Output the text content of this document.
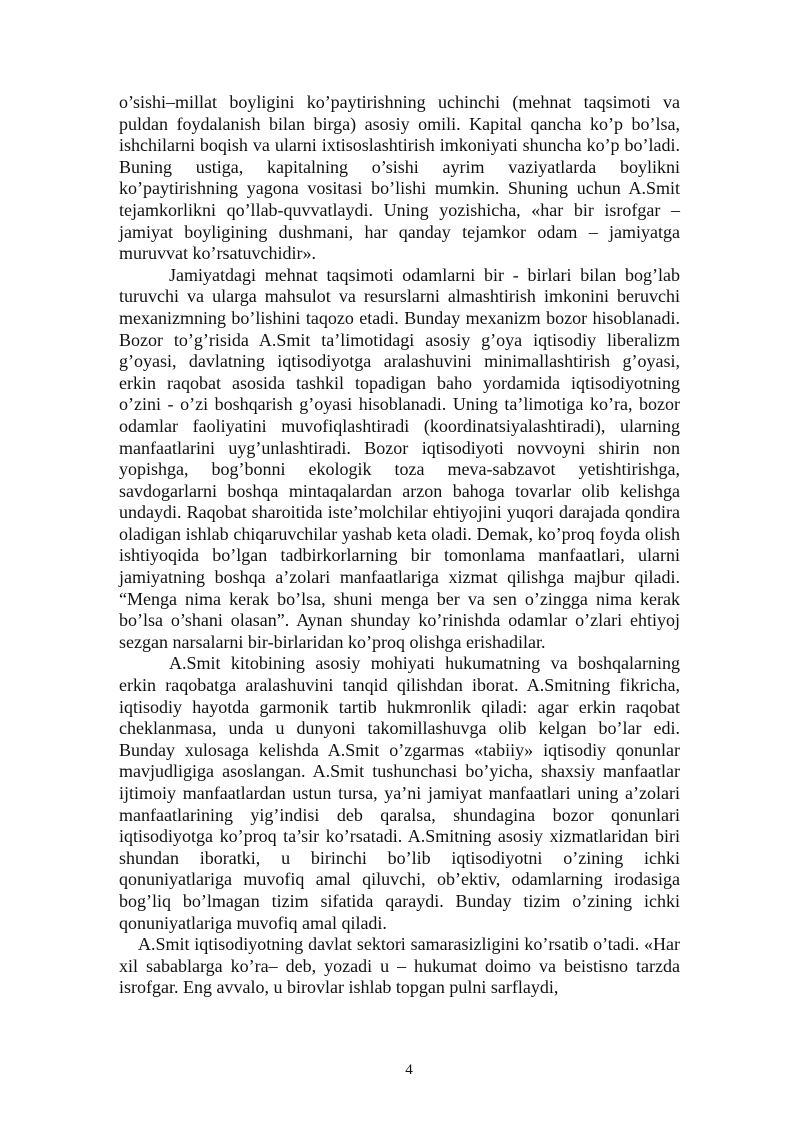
o’sishi–millat boyligini ko’paytirishning uchinchi (mehnat taqsimoti va puldan foydalanish bilan birga) asosiy omili. Kapital qancha ko’p bo’lsa, ishchilarni boqish va ularni ixtisoslashtirish imkoniyati shuncha ko’p bo’ladi. Buning ustiga, kapitalning o’sishi ayrim vaziyatlarda boylikni ko’paytirishning yagona vositasi bo’lishi mumkin. Shuning uchun A.Smit tejamkorlikni qo’llab-quvvatlaydi. Uning yozishicha, «har bir isrofgar – jamiyat boyligining dushmani, har qanday tejamkor odam – jamiyatga muruvvat ko’rsatuvchidir».

Jamiyatdagi mehnat taqsimoti odamlarni bir - birlari bilan bog’lab turuvchi va ularga mahsulot va resurslarni almashtirish imkonini beruvchi mexanizmning bo’lishini taqozo etadi. Bunday mexanizm bozor hisoblanadi. Bozor to’g’risida A.Smit ta’limotidagi asosiy g’oya iqtisodiy liberalizm g’oyasi, davlatning iqtisodiyotga aralashuvini minimallashtirish g’oyasi, erkin raqobat asosida tashkil topadigan baho yordamida iqtisodiyotning o’zini - o’zi boshqarish g’oyasi hisoblanadi. Uning ta’limotiga ko’ra, bozor odamlar faoliyatini muvofiqlashtiradi (koordinatsiyalashtiradi), ularning manfaatlarini uyg’unlashtiradi. Bozor iqtisodiyoti novvoyni shirin non yopishga, bog’bonni ekologik toza meva-sabzavot yetishtirishga, savdogarlarni boshqa mintaqalardan arzon bahoga tovarlar olib kelishga undaydi. Raqobat sharoitida iste’molchilar ehtiyojini yuqori darajada qondira oladigan ishlab chiqaruvchilar yashab keta oladi. Demak, ko’proq foyda olish ishtiyoqida bo’lgan tadbirkorlarning bir tomonlama manfaatlari, ularni jamiyatning boshqa a’zolari manfaatlariga xizmat qilishga majbur qiladi. “Menga nima kerak bo’lsa, shuni menga ber va sen o’zingga nima kerak bo’lsa o’shani olasan”. Aynan shunday ko’rinishda odamlar o’zlari ehtiyoj sezgan narsalarni bir-birlaridan ko’proq olishga erishadilar.

A.Smit kitobining asosiy mohiyati hukumatning va boshqalarning erkin raqobatga aralashuvini tanqid qilishdan iborat. A.Smitning fikricha, iqtisodiy hayotda garmonik tartib hukmronlik qiladi: agar erkin raqobat cheklanmasa, unda u dunyoni takomillashuvga olib kelgan bo’lar edi. Bunday xulosaga kelishda A.Smit o’zgarmas «tabiiy» iqtisodiy qonunlar mavjudligiga asoslangan. A.Smit tushunchasi bo’yicha, shaxsiy manfaatlar ijtimoiy manfaatlardan ustun tursa, ya’ni jamiyat manfaatlari uning a’zolari manfaatlarining yig’indisi deb qaralsa, shundagina bozor qonunlari iqtisodiyotga ko’proq ta’sir ko’rsatadi. A.Smitning asosiy xizmatlaridan biri shundan iboratki, u birinchi bo’lib iqtisodiyotni o’zining ichki qonuniyatlariga muvofiq amal qiluvchi, ob’ektiv, odamlarning irodasiga bog’liq bo’lmagan tizim sifatida qaraydi. Bunday tizim o’zining ichki qonuniyatlariga muvofiq amal qiladi.

A.Smit iqtisodiyotning davlat sektori samarasizligini ko’rsatib o’tadi. «Har xil sabablarga ko’ra– deb, yozadi u – hukumat doimo va beistisno tarzda isrofgar. Eng avvalo, u birovlar ishlab topgan pulni sarflaydi,

4
